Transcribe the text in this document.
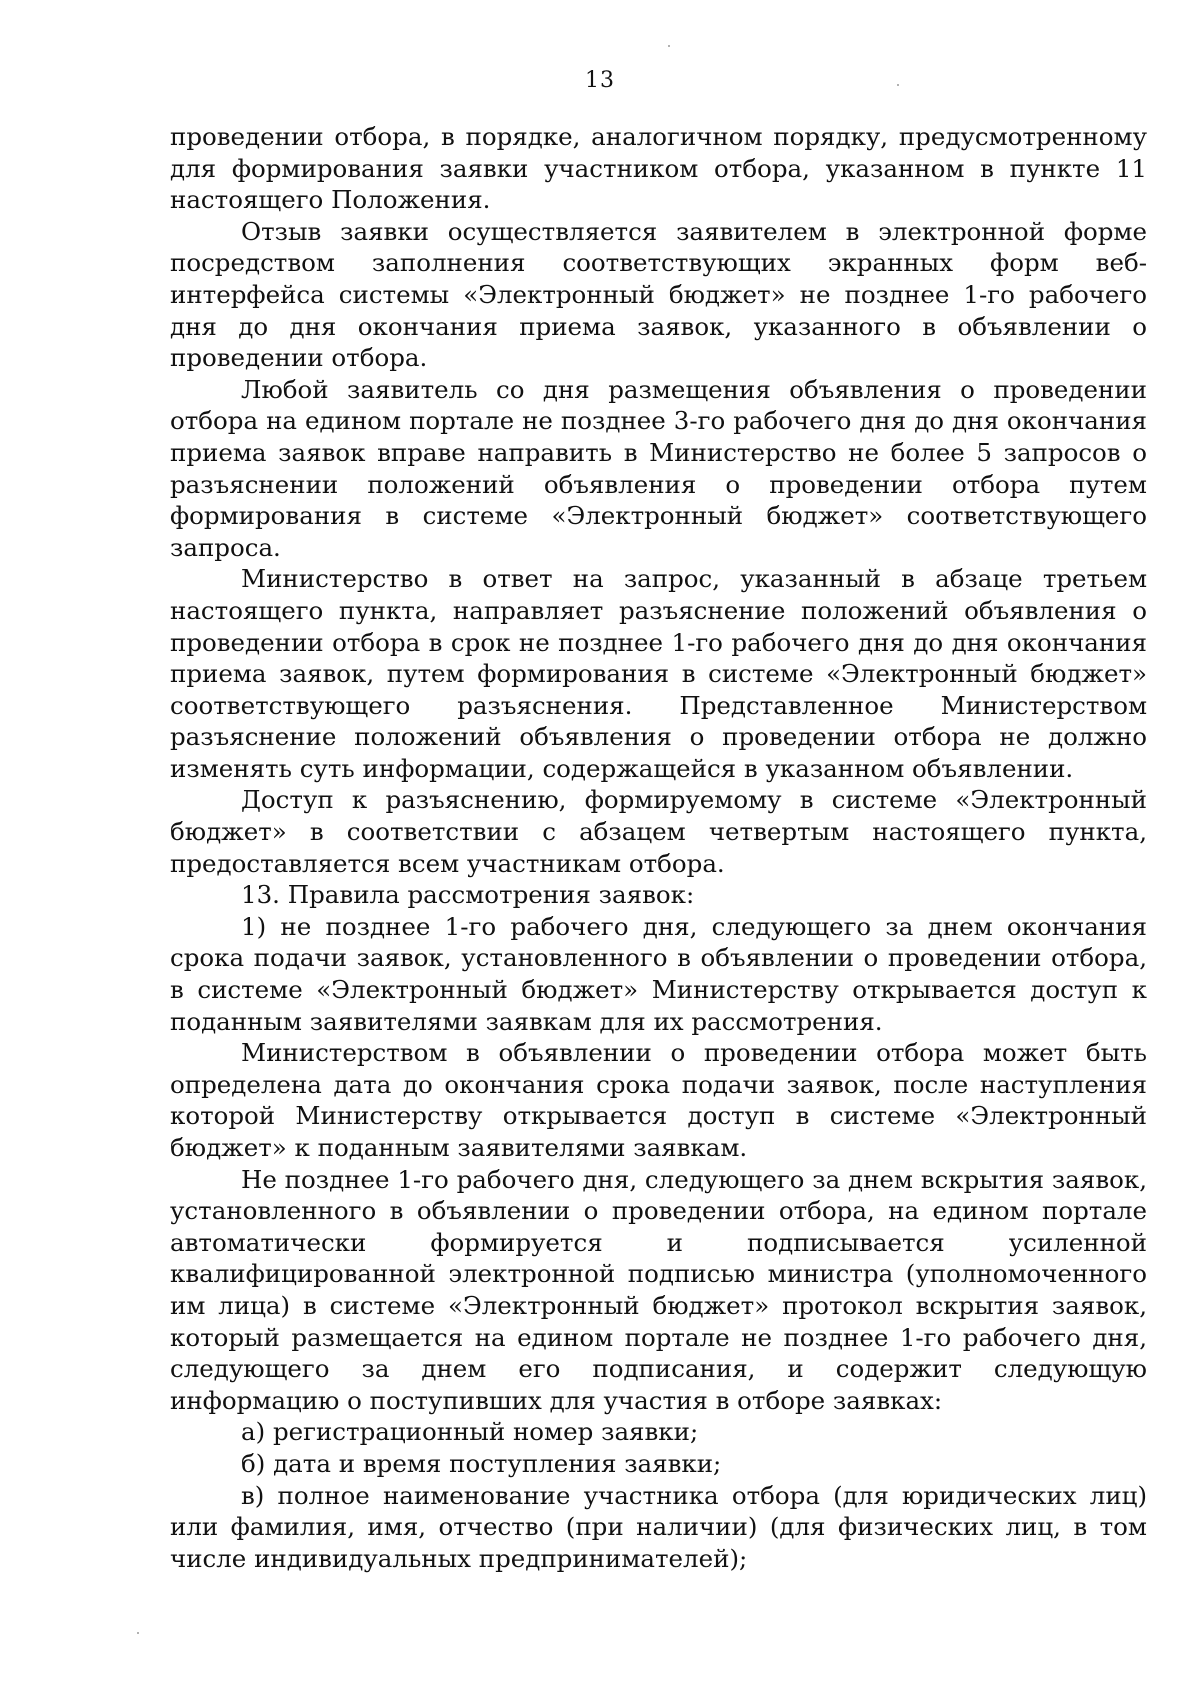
13

проведении отбора, в порядке, аналогичном порядку, предусмотренному для формирования заявки участником отбора, указанном в пункте 11 настоящего Положения.

Отзыв заявки осуществляется заявителем в электронной форме посредством заполнения соответствующих экранных форм веб-интерфейса системы «Электронный бюджет» не позднее 1-го рабочего дня до дня окончания приема заявок, указанного в объявлении о проведении отбора.

Любой заявитель со дня размещения объявления о проведении отбора на едином портале не позднее 3-го рабочего дня до дня окончания приема заявок вправе направить в Министерство не более 5 запросов о разъяснении положений объявления о проведении отбора путем формирования в системе «Электронный бюджет» соответствующего запроса.

Министерство в ответ на запрос, указанный в абзаце третьем настоящего пункта, направляет разъяснение положений объявления о проведении отбора в срок не позднее 1-го рабочего дня до дня окончания приема заявок, путем формирования в системе «Электронный бюджет» соответствующего разъяснения. Представленное Министерством разъяснение положений объявления о проведении отбора не должно изменять суть информации, содержащейся в указанном объявлении.

Доступ к разъяснению, формируемому в системе «Электронный бюджет» в соответствии с абзацем четвертым настоящего пункта, предоставляется всем участникам отбора.

13. Правила рассмотрения заявок:

1) не позднее 1-го рабочего дня, следующего за днем окончания срока подачи заявок, установленного в объявлении о проведении отбора, в системе «Электронный бюджет» Министерству открывается доступ к поданным заявителями заявкам для их рассмотрения.

Министерством в объявлении о проведении отбора может быть определена дата до окончания срока подачи заявок, после наступления которой Министерству открывается доступ в системе «Электронный бюджет» к поданным заявителями заявкам.

Не позднее 1-го рабочего дня, следующего за днем вскрытия заявок, установленного в объявлении о проведении отбора, на едином портале автоматически формируется и подписывается усиленной квалифицированной электронной подписью министра (уполномоченного им лица) в системе «Электронный бюджет» протокол вскрытия заявок, который размещается на едином портале не позднее 1-го рабочего дня, следующего за днем его подписания, и содержит следующую информацию о поступивших для участия в отборе заявках:

а) регистрационный номер заявки;

б) дата и время поступления заявки;

в) полное наименование участника отбора (для юридических лиц) или фамилия, имя, отчество (при наличии) (для физических лиц, в том числе индивидуальных предпринимателей);
